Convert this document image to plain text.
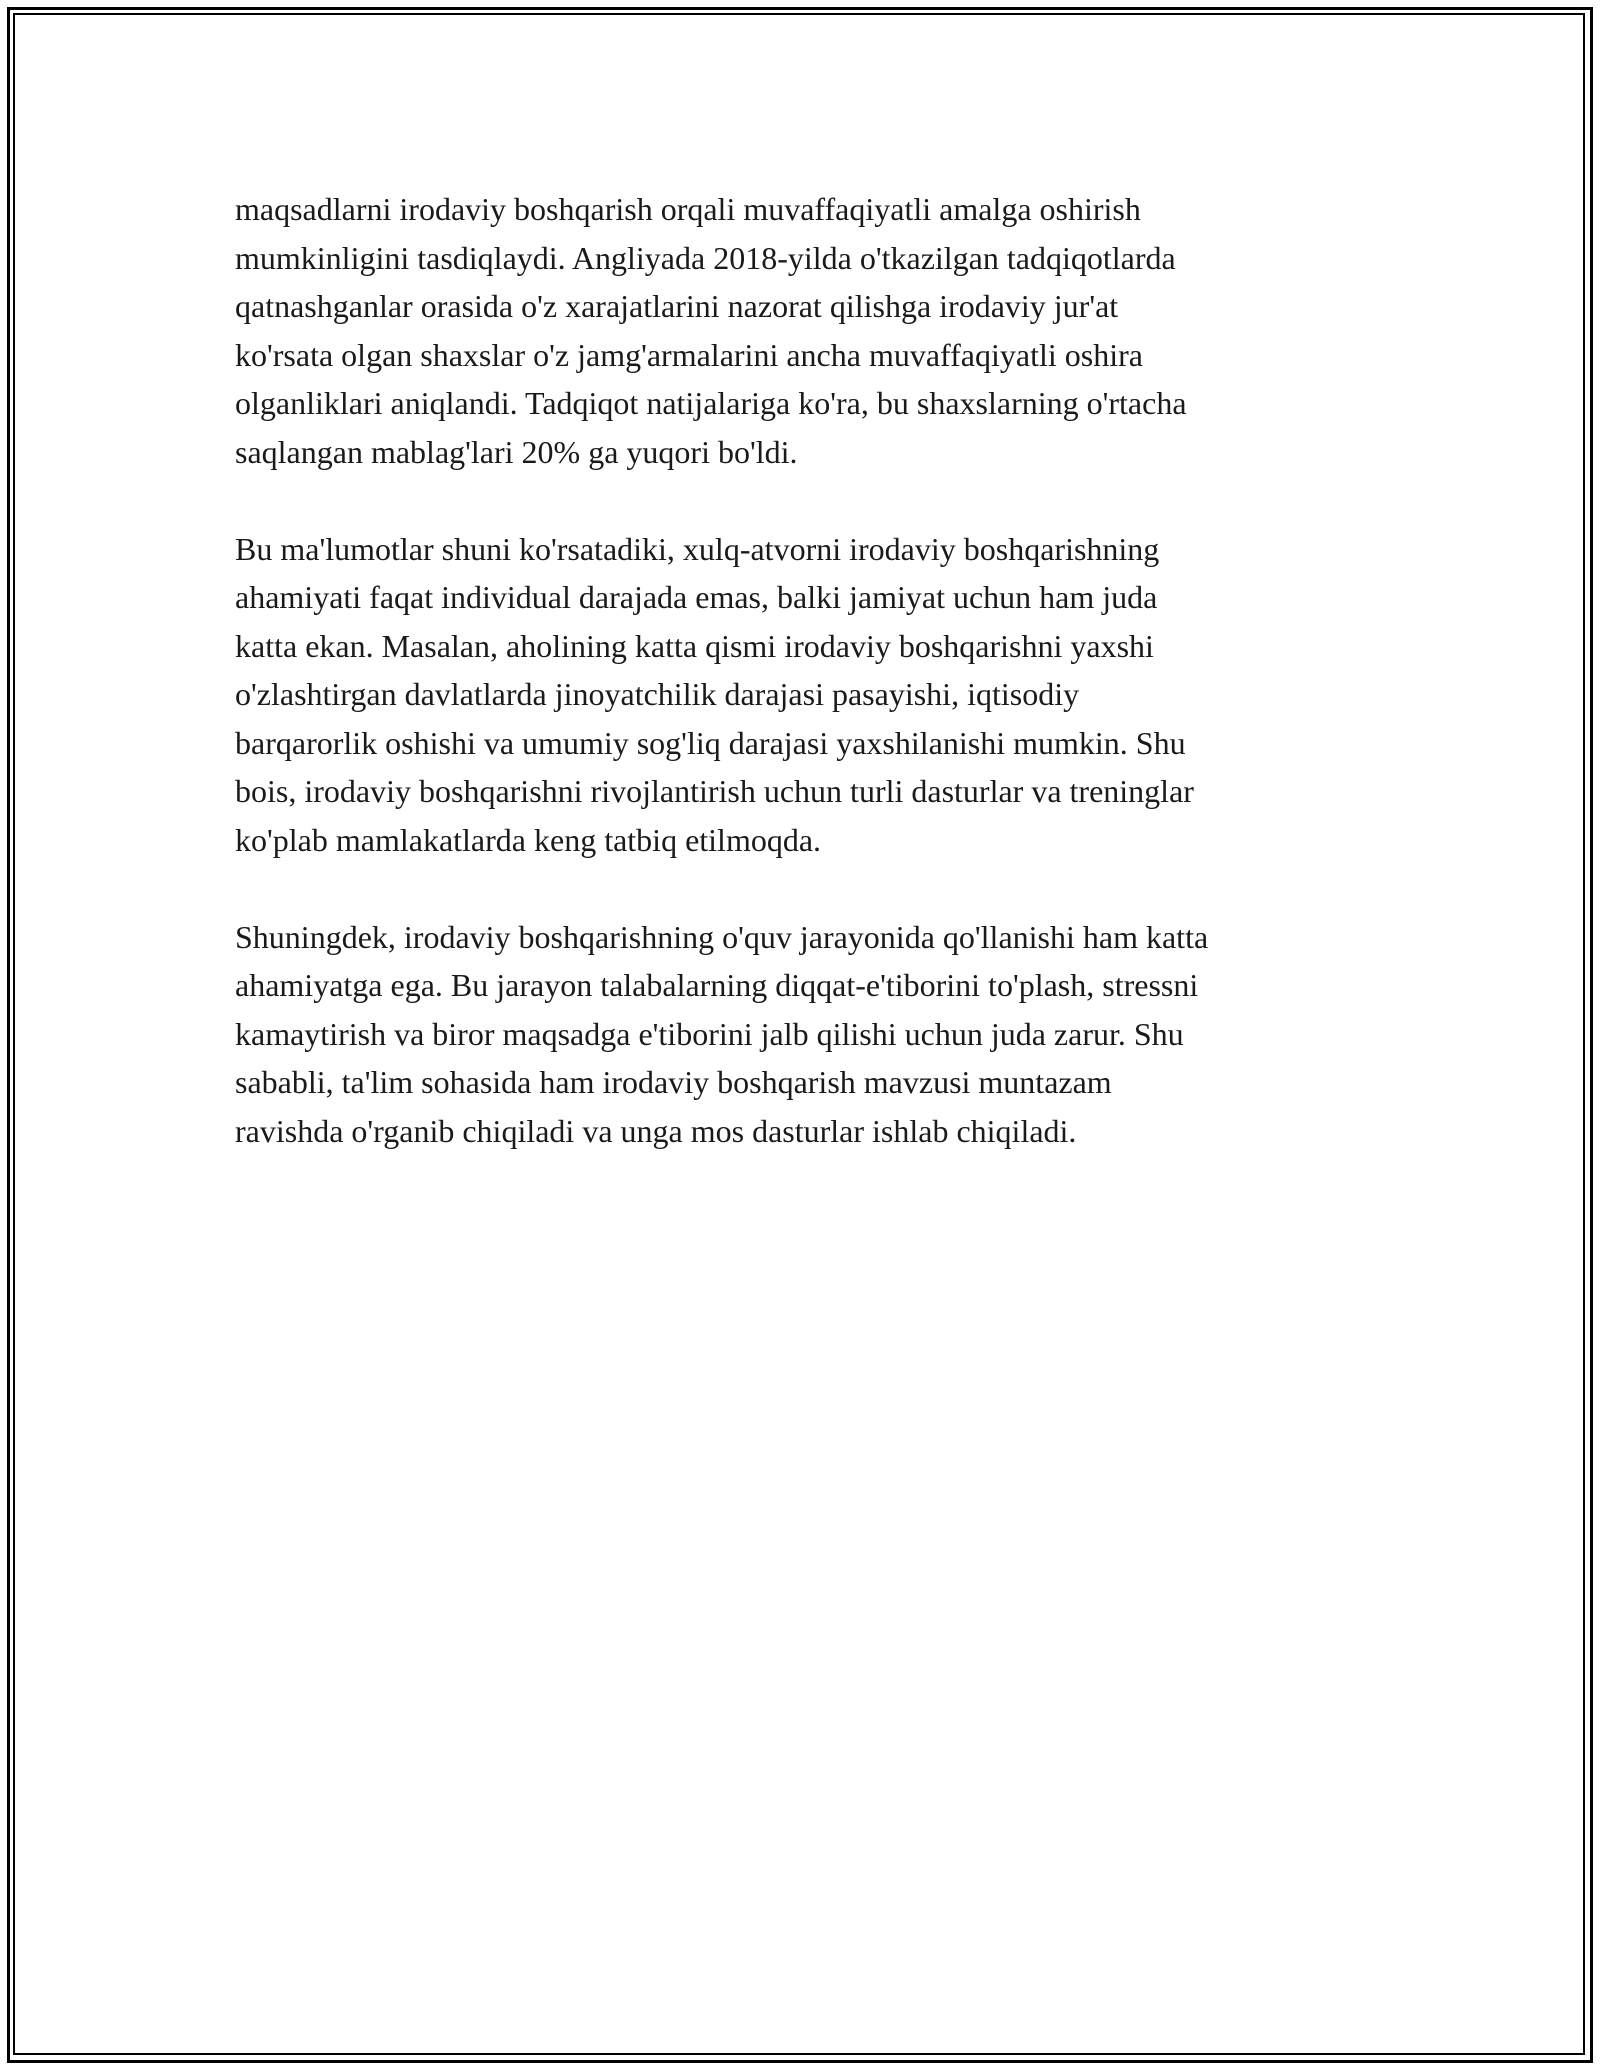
maqsadlarni irodaviy boshqarish orqali muvaffaqiyatli amalga oshirish
mumkinligini tasdiqlaydi. Angliyada 2018-yilda o'tkazilgan tadqiqotlarda
qatnashganlar orasida o'z xarajatlarini nazorat qilishga irodaviy jur'at
ko'rsata olgan shaxslar o'z jamg'armalarini ancha muvaffaqiyatli oshira
olganliklari aniqlandi. Tadqiqot natijalariga ko'ra, bu shaxslarning o'rtacha
saqlangan mablag'lari 20% ga yuqori bo'ldi.

Bu ma'lumotlar shuni ko'rsatadiki, xulq-atvorni irodaviy boshqarishning
ahamiyati faqat individual darajada emas, balki jamiyat uchun ham juda
katta ekan. Masalan, aholining katta qismi irodaviy boshqarishni yaxshi
o'zlashtirgan davlatlarda jinoyatchilik darajasi pasayishi, iqtisodiy
barqarorlik oshishi va umumiy sog'liq darajasi yaxshilanishi mumkin. Shu
bois, irodaviy boshqarishni rivojlantirish uchun turli dasturlar va treninglar
ko'plab mamlakatlarda keng tatbiq etilmoqda.

Shuningdek, irodaviy boshqarishning o'quv jarayonida qo'llanishi ham katta
ahamiyatga ega. Bu jarayon talabalarning diqqat-e'tiborini to'plash, stressni
kamaytirish va biror maqsadga e'tiborini jalb qilishi uchun juda zarur. Shu
sababli, ta'lim sohasida ham irodaviy boshqarish mavzusi muntazam
ravishda o'rganib chiqiladi va unga mos dasturlar ishlab chiqiladi.
